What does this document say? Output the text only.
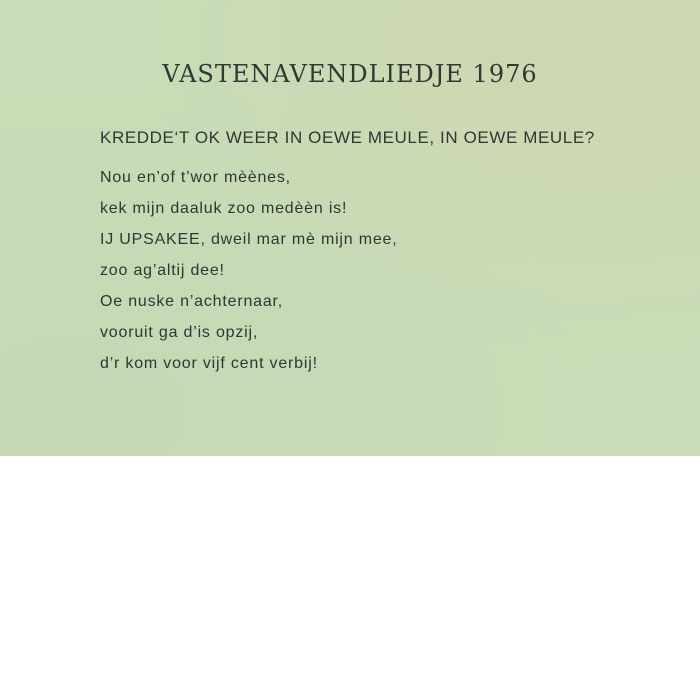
VASTENAVENDLIEDJE 1976

KREDDE‘T OK WEER IN OEWE MEULE, IN OEWE MEULE?

Nou en’of t’wor mèènes,
kek mijn daaluk zoo medèèn is!
IJ UPSAKEE, dweil mar mè mijn mee,
zoo ag’altij dee!
Oe nuske n’achternaar,
vooruit ga d’is opzij,
d’r kom voor vijf cent verbij!
